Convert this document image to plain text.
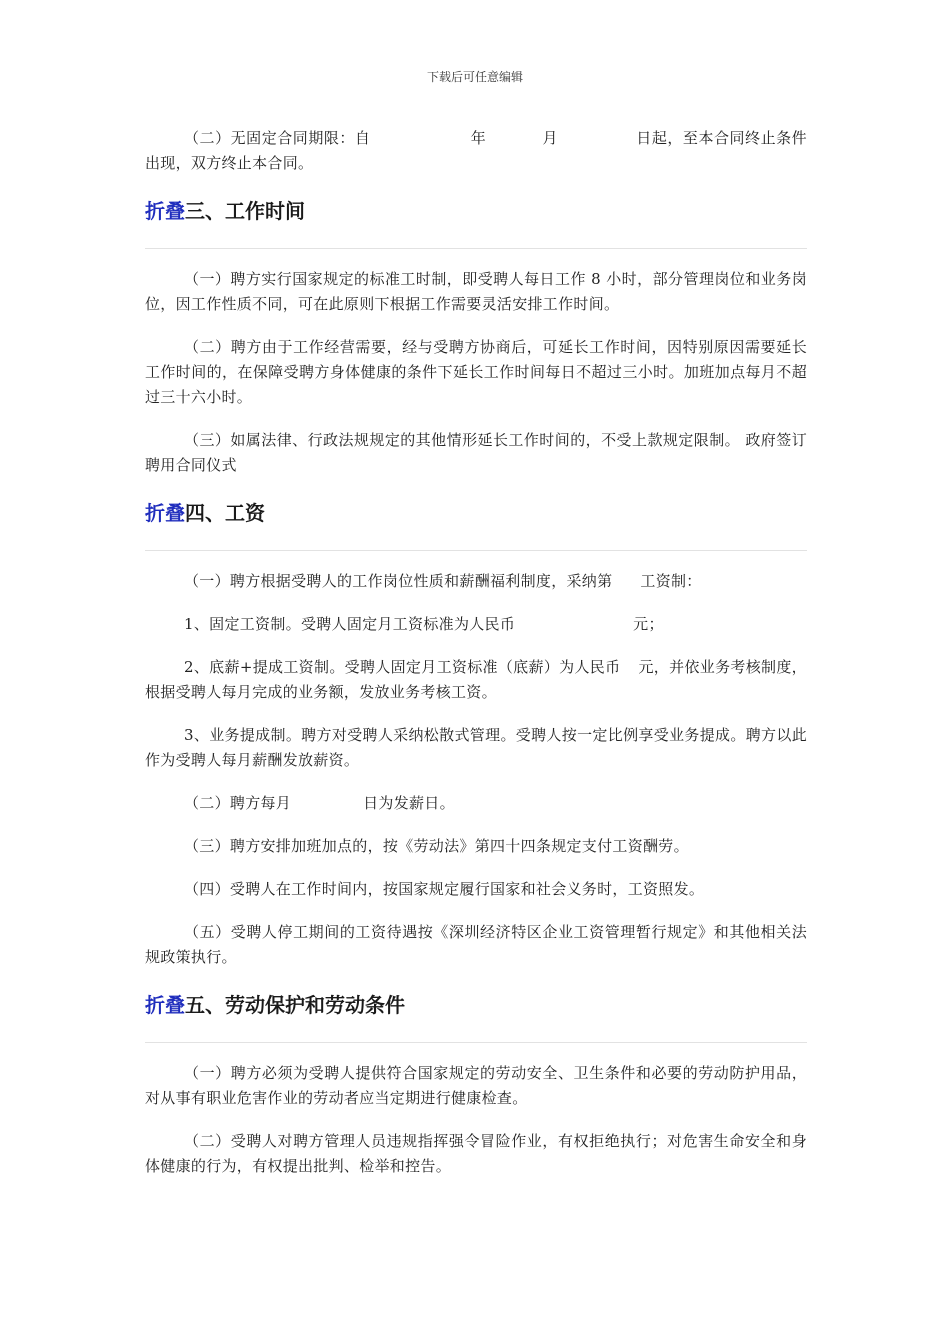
下载后可任意编辑

（二）无固定合同期限：自	年	月	日起，至本合同终止条件出现，双方终止本合同。

折叠三、工作时间

（一）聘方实行国家规定的标准工时制，即受聘人每日工作 8 小时，部分管理岗位和业务岗位，因工作性质不同，可在此原则下根据工作需要灵活安排工作时间。

（二）聘方由于工作经营需要，经与受聘方协商后，可延长工作时间，因特别原因需要延长工作时间的，在保障受聘方身体健康的条件下延长工作时间每日不超过三小时。加班加点每月不超过三十六小时。

（三）如属法律、行政法规规定的其他情形延长工作时间的，不受上款规定限制。 政府签订聘用合同仪式

折叠四、工资

（一）聘方根据受聘人的工作岗位性质和薪酬福利制度，采纳第 工资制：

1、固定工资制。受聘人固定月工资标准为人民币	元；

2、底薪+提成工资制。受聘人固定月工资标准（底薪）为人民币 元，并依业务考核制度，根据受聘人每月完成的业务额，发放业务考核工资。

3、业务提成制。聘方对受聘人采纳松散式管理。受聘人按一定比例享受业务提成。聘方以此作为受聘人每月薪酬发放薪资。

（二）聘方每月	日为发薪日。

（三）聘方安排加班加点的，按《劳动法》第四十四条规定支付工资酬劳。

（四）受聘人在工作时间内，按国家规定履行国家和社会义务时，工资照发。

（五）受聘人停工期间的工资待遇按《深圳经济特区企业工资管理暂行规定》和其他相关法规政策执行。

折叠五、劳动保护和劳动条件

（一）聘方必须为受聘人提供符合国家规定的劳动安全、卫生条件和必要的劳动防护用品，对从事有职业危害作业的劳动者应当定期进行健康检查。

（二）受聘人对聘方管理人员违规指挥强令冒险作业，有权拒绝执行；对危害生命安全和身体健康的行为，有权提出批判、检举和控告。
